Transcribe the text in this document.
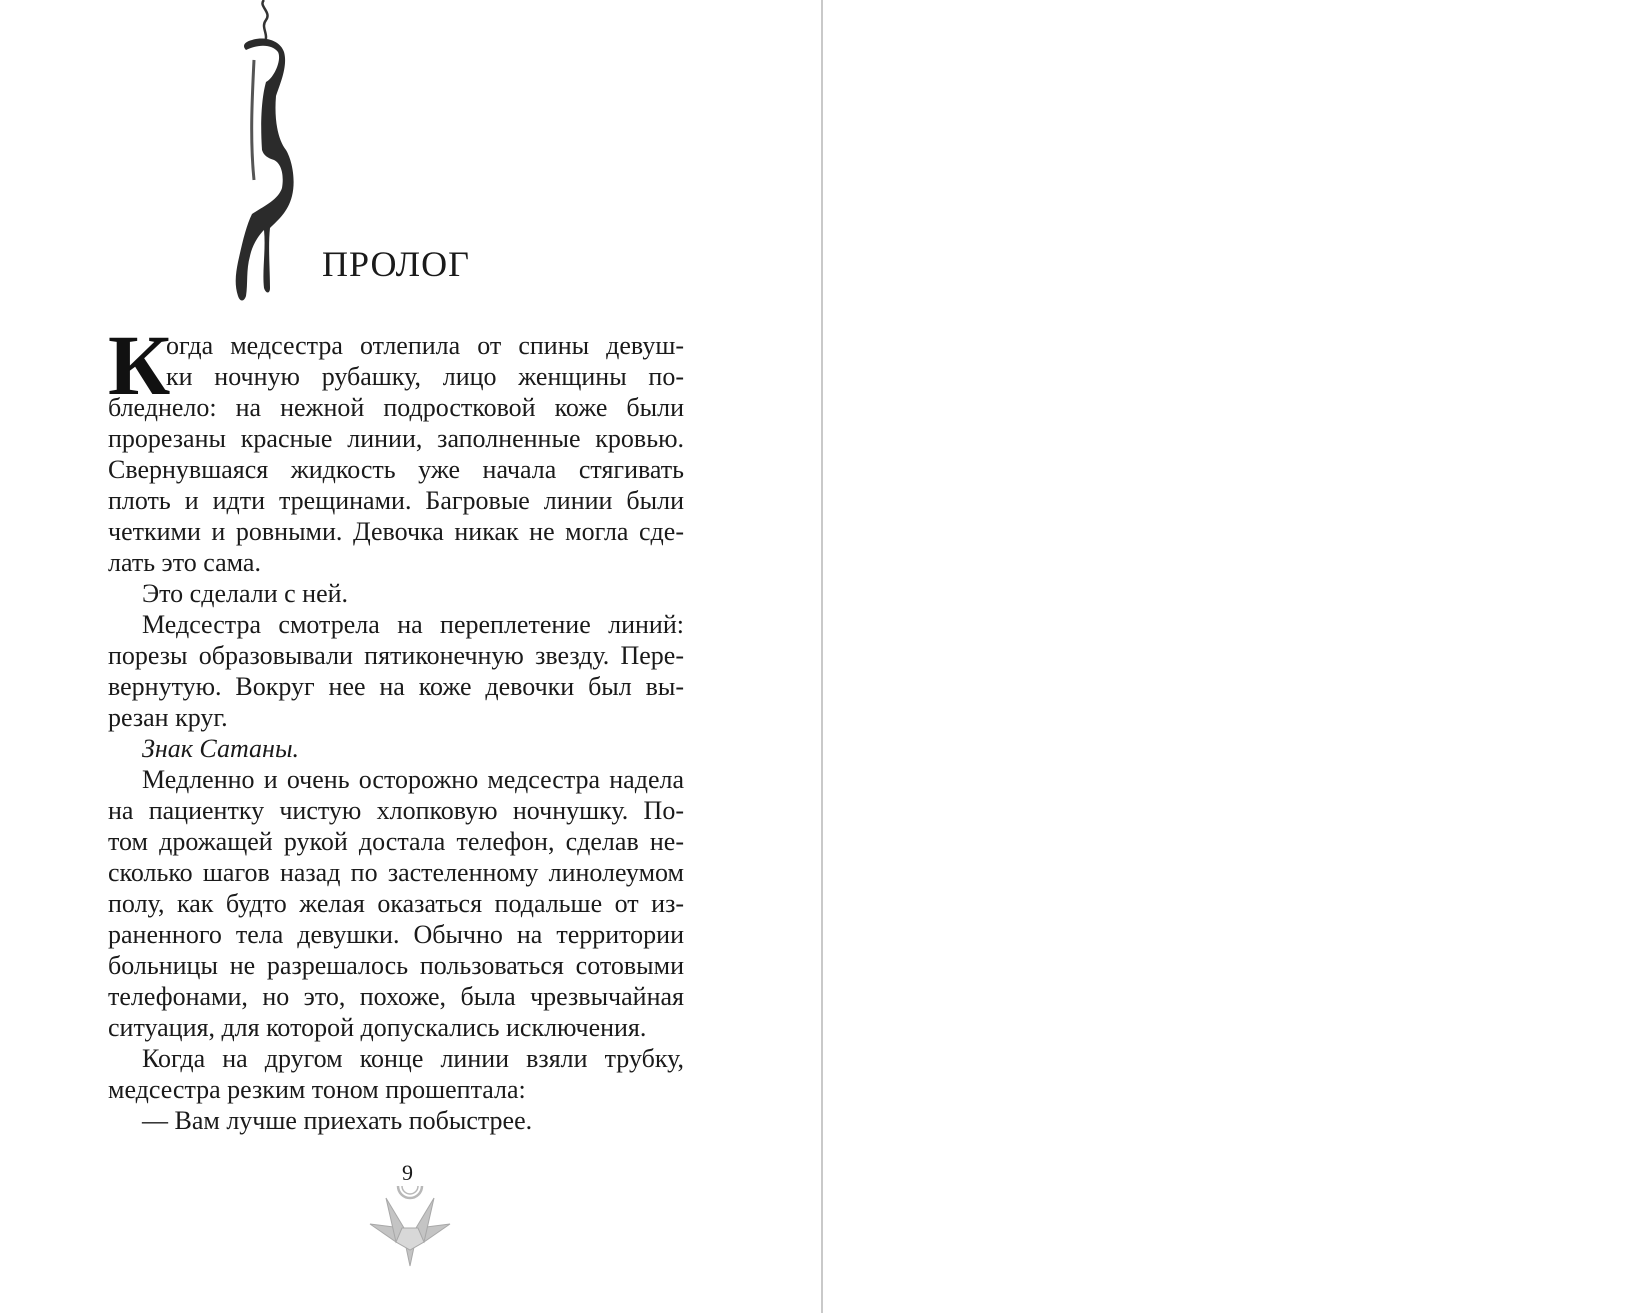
ПРОЛОГ
К
огда медсестра отлепила от спины девуш-
ки ночную рубашку, лицо женщины по-
бледнело: на нежной подростковой коже были
прорезаны красные линии, заполненные кровью.
Свернувшаяся жидкость уже начала стягивать
плоть и идти трещинами. Багровые линии были
четкими и ровными. Девочка никак не могла сде-
лать это сама.
Это сделали с ней.
Медсестра смотрела на переплетение линий:
порезы образовывали пятиконечную звезду. Пере-
вернутую. Вокруг нее на коже девочки был вы-
резан круг.
Знак Сатаны.
Медленно и очень осторожно медсестра надела
на пациентку чистую хлопковую ночнушку. По-
том дрожащей рукой достала телефон, сделав не-
сколько шагов назад по застеленному линолеумом
полу, как будто желая оказаться подальше от из-
раненного тела девушки. Обычно на территории
больницы не разрешалось пользоваться сотовыми
телефонами, но это, похоже, была чрезвычайная
ситуация, для которой допускались исключения.
Когда на другом конце линии взяли трубку,
медсестра резким тоном прошептала:
— Вам лучше приехать побыстрее.
9
